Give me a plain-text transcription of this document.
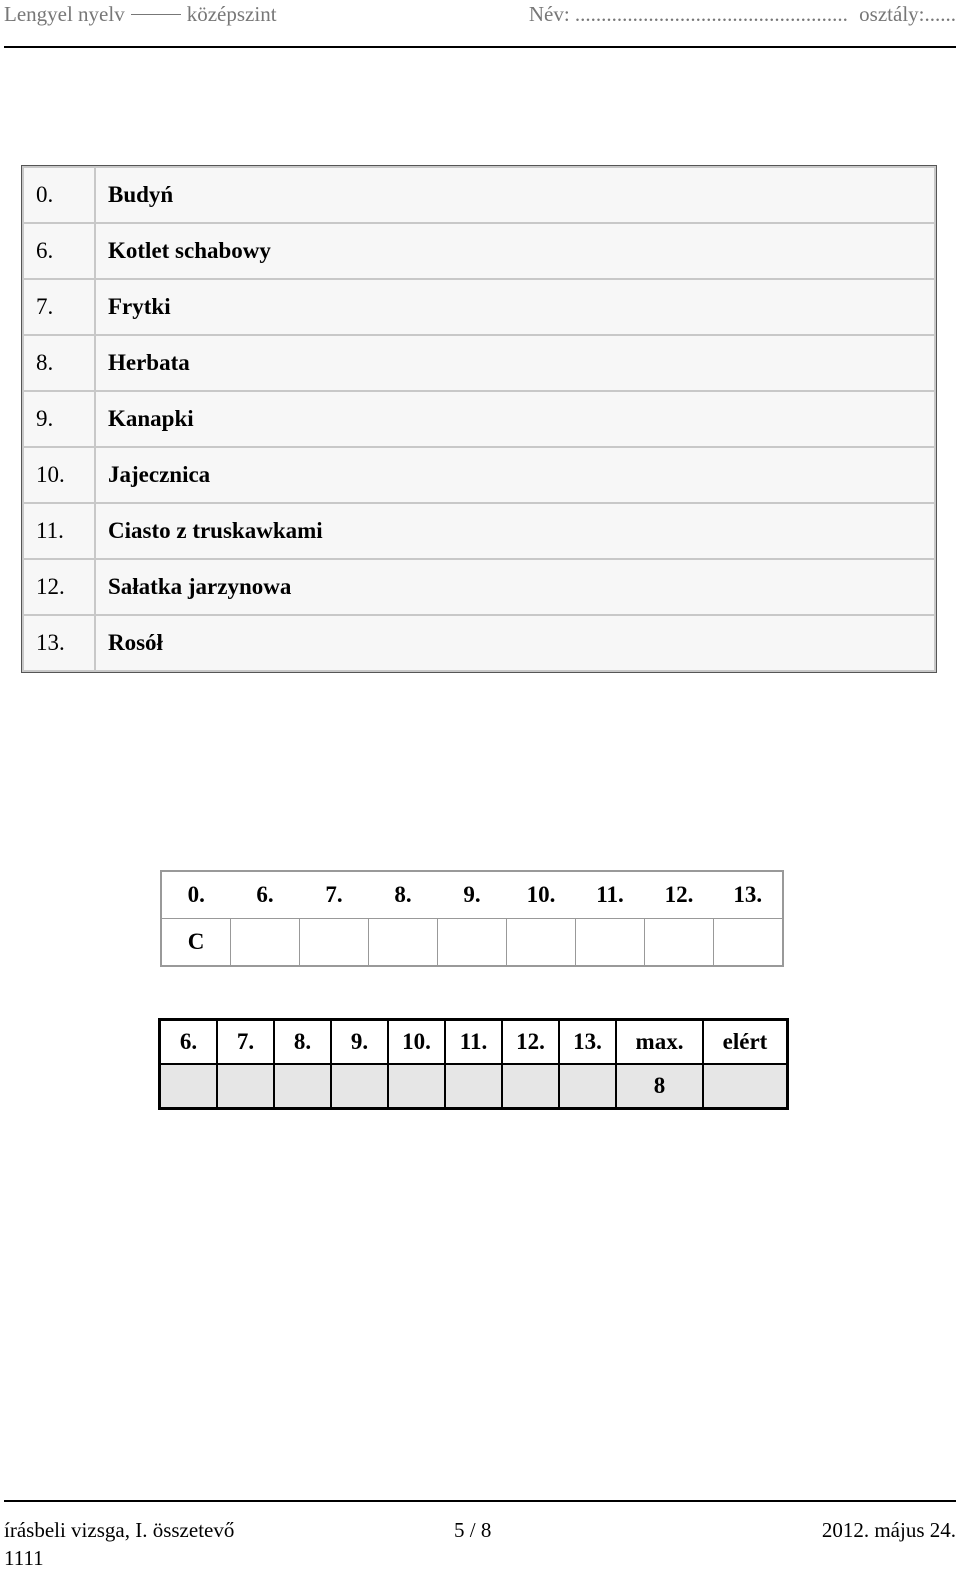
Lengyel nyelv	középszint	Név: .................................................... osztály:......
0.	Budyń
6.	Kotlet schabowy
7.	Frytki
8.	Herbata
9.	Kanapki
10.	Jajecznica
11.	Ciasto z truskawkami
12.	Sałatka jarzynowa
13.	Rosół
0.	6.	7.	8.	9.	10.	11.	12.	13.
C								
6.	7.	8.	9.	10.	11.	12.	13.	max.	elért
								8	
írásbeli vizsga, I. összetevő	5 / 8	2012. május 24.
1111
